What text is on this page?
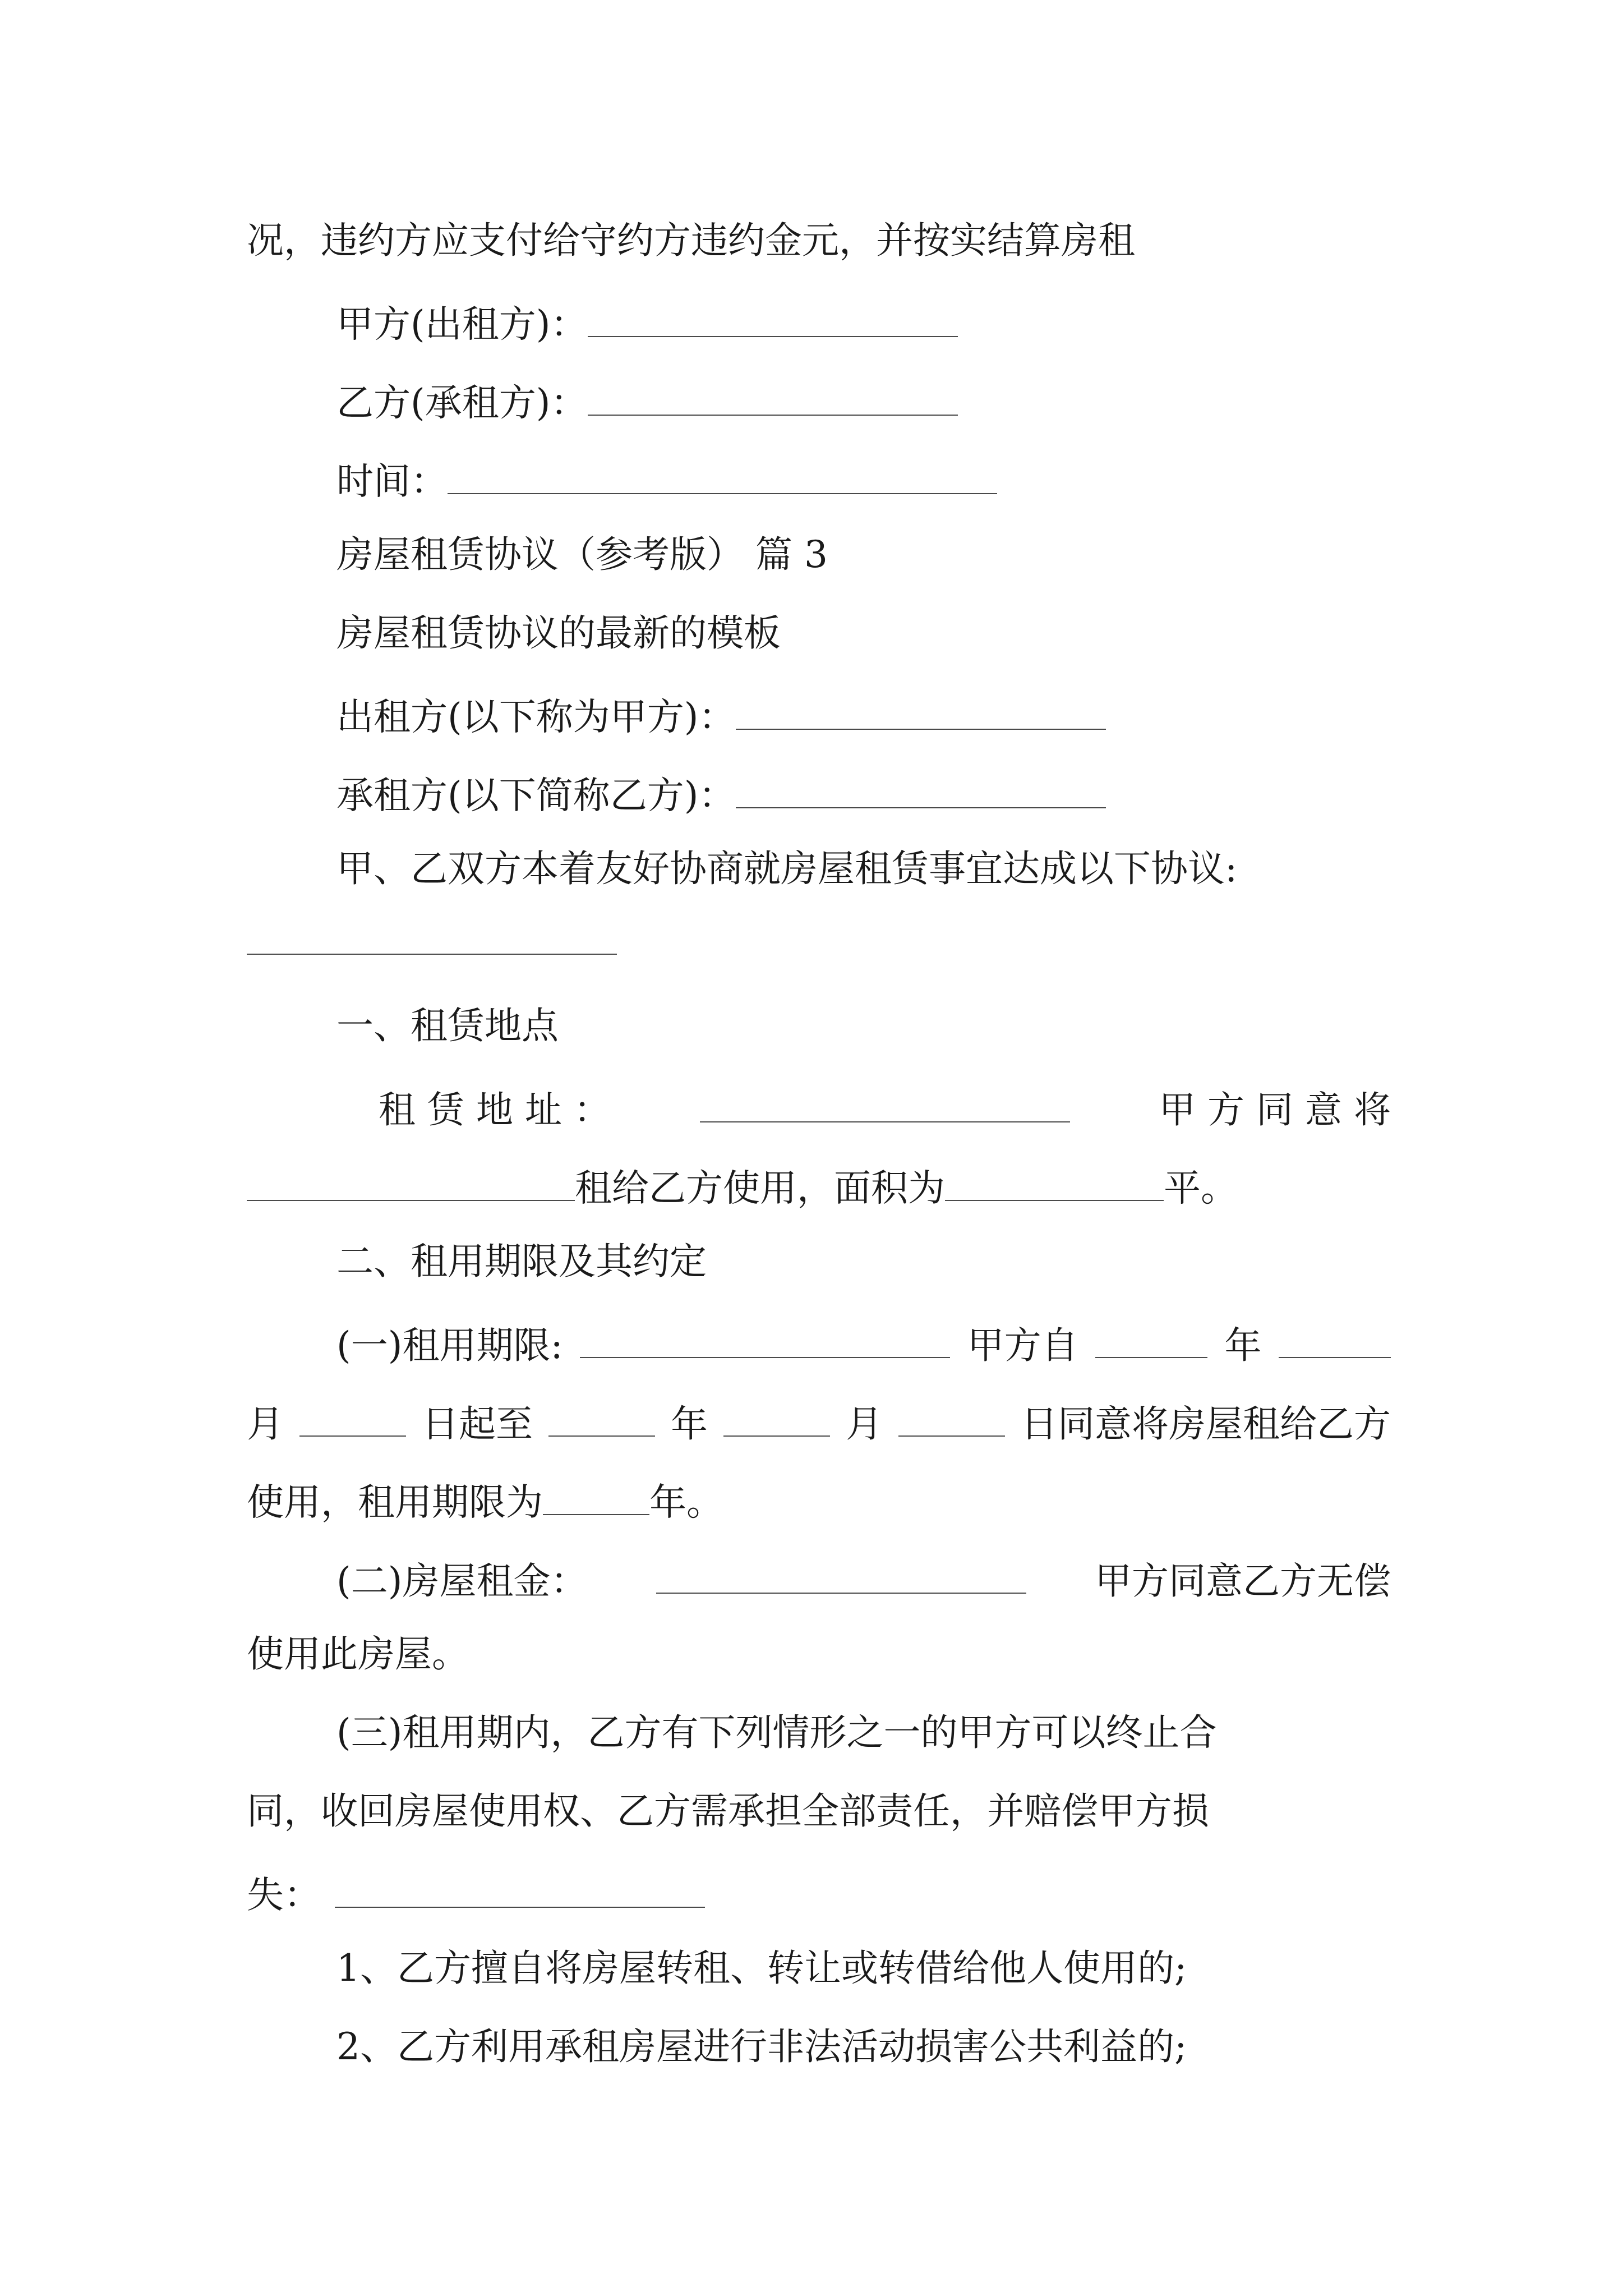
况，违约方应支付给守约方违约金元，并按实结算房租
甲方(出租方)：
乙方(承租方)：
时间：
房屋租赁协议（参考版） 篇 3
房屋租赁协议的最新的模板
出租方(以下称为甲方)：
承租方(以下简称乙方)：
甲、乙双方本着友好协商就房屋租赁事宜达成以下协议:
一、租赁地点
租 赁 地 址 ：	甲 方 同 意 将
租给乙方使用，面积为	平。
二、租用期限及其约定
(一)租用期限:	甲方自	年
月	日起至	年	月	日同意将房屋租给乙方
使用，租用期限为	年。
(二)房屋租金：	甲方同意乙方无偿
使用此房屋。
(三)租用期内，乙方有下列情形之一的甲方可以终止合
同，收回房屋使用权、乙方需承担全部责任，并赔偿甲方损
失：
1、乙方擅自将房屋转租、转让或转借给他人使用的;
2、乙方利用承租房屋进行非法活动损害公共利益的;
